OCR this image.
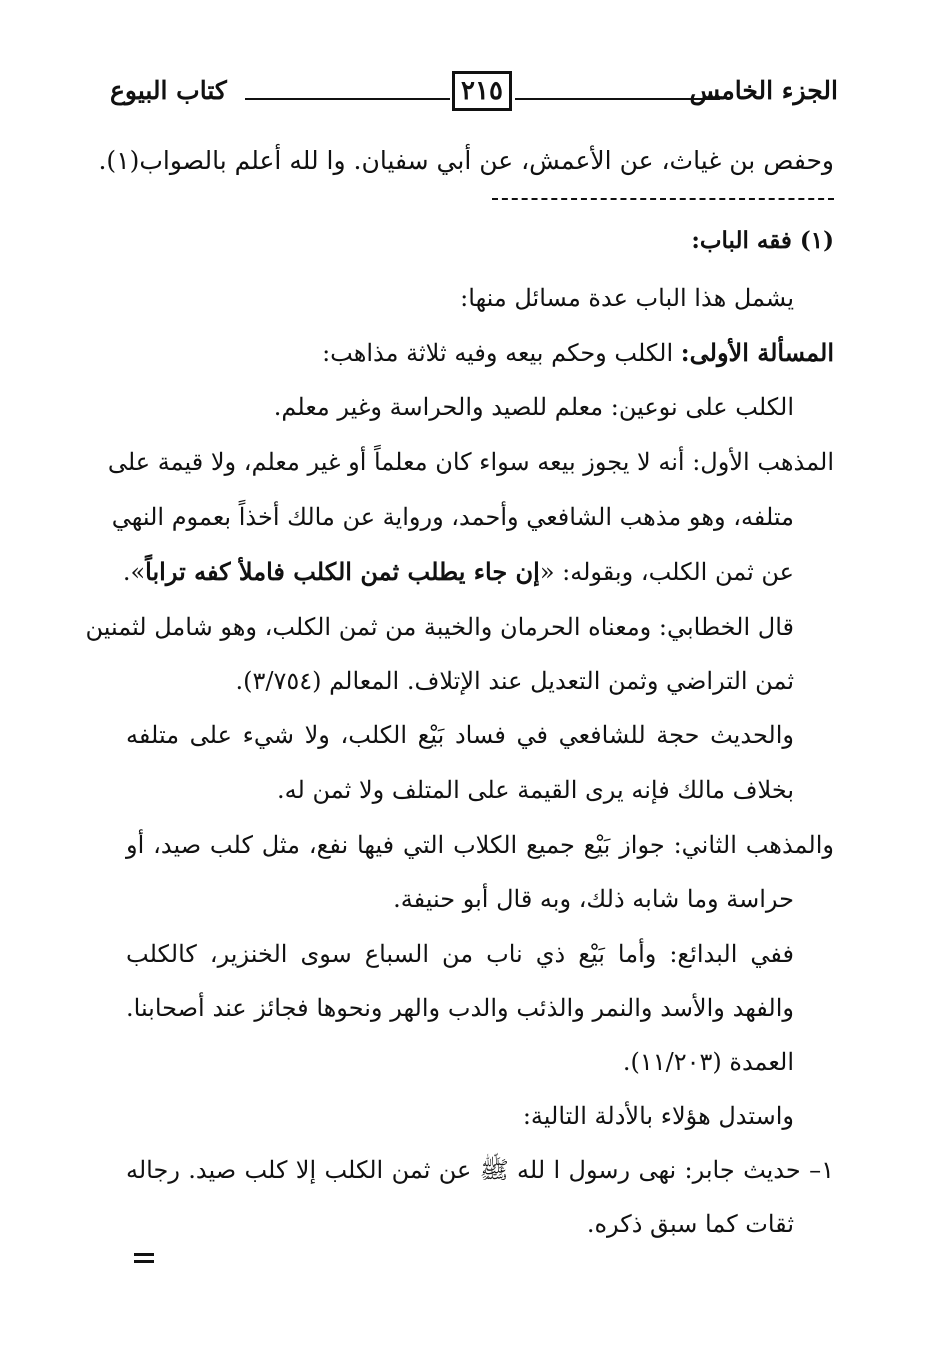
الجزء الخامس
٢١٥
كتاب البيوع
وحفص بن غياث، عن الأعمش، عن أبي سفيان. وا لله أعلم بالصواب(١).
(١) فقه الباب:
يشمل هذا الباب عدة مسائل منها:
المسألة الأولى: الكلب وحكم بيعه وفيه ثلاثة مذاهب:
الكلب على نوعين: معلم للصيد والحراسة وغير معلم.
المذهب الأول: أنه لا يجوز بيعه سواء كان معلماً أو غير معلم، ولا قيمة على
متلفه، وهو مذهب الشافعي وأحمد، ورواية عن مالك أخذاً بعموم النهي
عن ثمن الكلب، وبقوله: «إن جاء يطلب ثمن الكلب فاملأ كفه تراباً».
قال الخطابي: ومعناه الحرمان والخيبة من ثمن الكلب، وهو شامل لثمنين
ثمن التراضي وثمن التعديل عند الإتلاف. المعالم (٣/٧٥٤).
والحديث حجة للشافعي في فساد بَيْع الكلب، ولا شيء على متلفه
بخلاف مالك فإنه يرى القيمة على المتلف ولا ثمن له.
والمذهب الثاني: جواز بَيْع جميع الكلاب التي فيها نفع، مثل كلب صيد، أو
حراسة وما شابه ذلك، وبه قال أبو حنيفة.
ففي البدائع: وأما بَيْع ذي ناب من السباع سوى الخنزير، كالكلب
والفهد والأسد والنمر والذئب والدب والهر ونحوها فجائز عند أصحابنا.
العمدة (١١/٢٠٣).
واستدل هؤلاء بالأدلة التالية:
١– حديث جابر: نهى رسول ا لله ﷺ عن ثمن الكلب إلا كلب صيد. رجاله
ثقات كما سبق ذكره.
